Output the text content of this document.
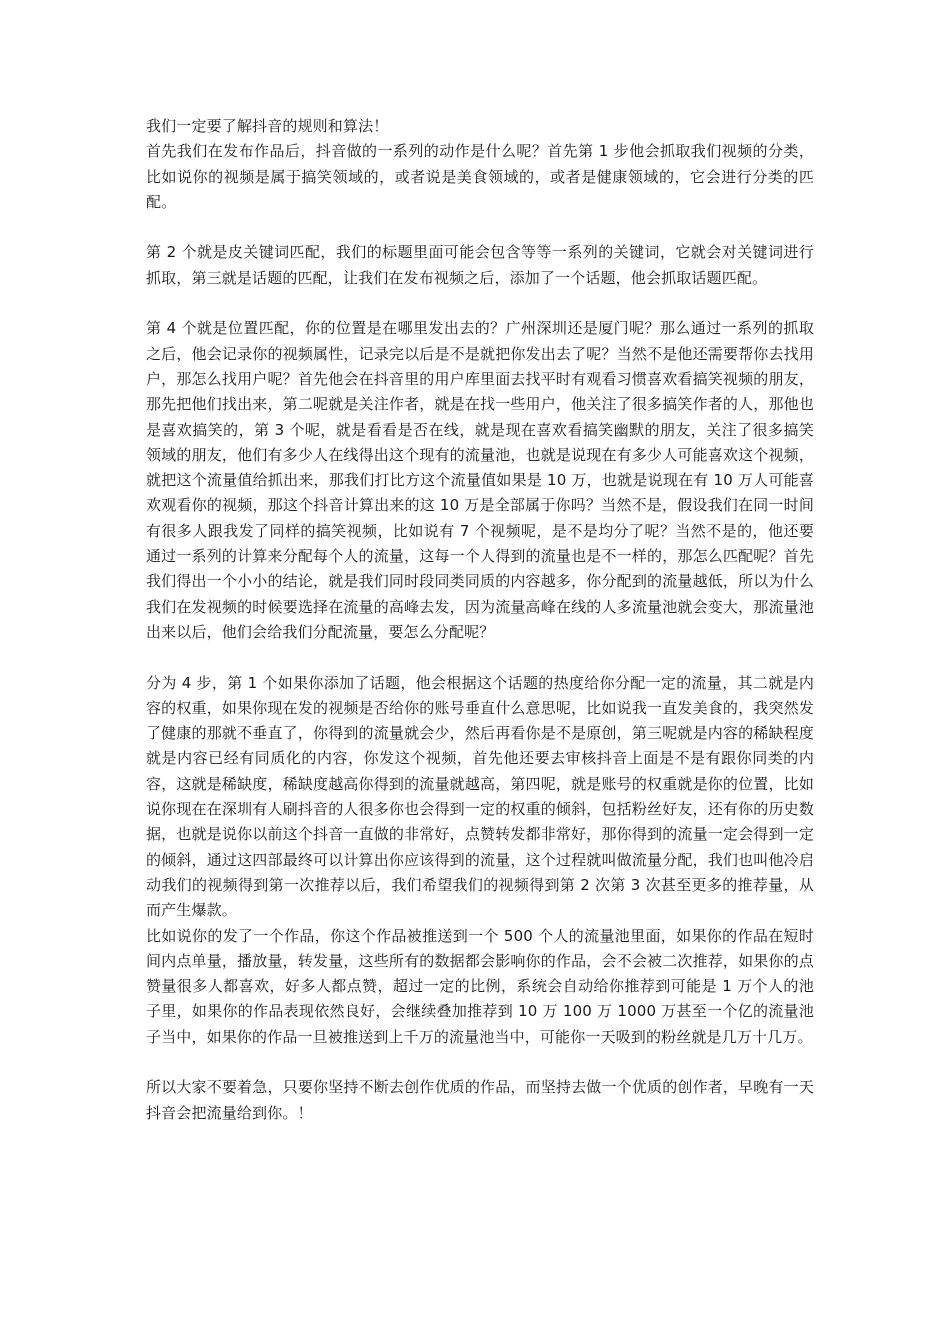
我们一定要了解抖音的规则和算法！

首先我们在发布作品后，抖音做的一系列的动作是什么呢？首先第 1 步他会抓取我们视频的分类，比如说你的视频是属于搞笑领域的，或者说是美食领域的，或者是健康领域的，它会进行分类的匹配。

第 2 个就是皮关键词匹配，我们的标题里面可能会包含等等一系列的关键词，它就会对关键词进行抓取，第三就是话题的匹配，让我们在发布视频之后，添加了一个话题，他会抓取话题匹配。

第 4 个就是位置匹配，你的位置是在哪里发出去的？广州深圳还是厦门呢？那么通过一系列的抓取之后，他会记录你的视频属性，记录完以后是不是就把你发出去了呢？当然不是他还需要帮你去找用户，那怎么找用户呢？首先他会在抖音里的用户库里面去找平时有观看习惯喜欢看搞笑视频的朋友，那先把他们找出来，第二呢就是关注作者，就是在找一些用户，他关注了很多搞笑作者的人，那他也是喜欢搞笑的，第 3 个呢，就是看看是否在线，就是现在喜欢看搞笑幽默的朋友，关注了很多搞笑领域的朋友，他们有多少人在线得出这个现有的流量池，也就是说现在有多少人可能喜欢这个视频，就把这个流量值给抓出来，那我们打比方这个流量值如果是 10 万，也就是说现在有 10 万人可能喜欢观看你的视频，那这个抖音计算出来的这 10 万是全部属于你吗？当然不是，假设我们在同一时间有很多人跟我发了同样的搞笑视频，比如说有 7 个视频呢，是不是均分了呢？当然不是的，他还要通过一系列的计算来分配每个人的流量，这每一个人得到的流量也是不一样的，那怎么匹配呢？首先我们得出一个小小的结论，就是我们同时段同类同质的内容越多，你分配到的流量越低，所以为什么我们在发视频的时候要选择在流量的高峰去发，因为流量高峰在线的人多流量池就会变大，那流量池出来以后，他们会给我们分配流量，要怎么分配呢？

分为 4 步，第 1 个如果你添加了话题，他会根据这个话题的热度给你分配一定的流量，其二就是内容的权重，如果你现在发的视频是否给你的账号垂直什么意思呢，比如说我一直发美食的，我突然发了健康的那就不垂直了，你得到的流量就会少，然后再看你是不是原创，第三呢就是内容的稀缺程度就是内容已经有同质化的内容，你发这个视频，首先他还要去审核抖音上面是不是有跟你同类的内容，这就是稀缺度，稀缺度越高你得到的流量就越高，第四呢，就是账号的权重就是你的位置，比如说你现在在深圳有人刷抖音的人很多你也会得到一定的权重的倾斜，包括粉丝好友，还有你的历史数据，也就是说你以前这个抖音一直做的非常好，点赞转发都非常好，那你得到的流量一定会得到一定的倾斜，通过这四部最终可以计算出你应该得到的流量，这个过程就叫做流量分配，我们也叫他冷启动我们的视频得到第一次推荐以后，我们希望我们的视频得到第 2 次第 3 次甚至更多的推荐量，从而产生爆款。

比如说你的发了一个作品，你这个作品被推送到一个 500 个人的流量池里面，如果你的作品在短时间内点单量，播放量，转发量，这些所有的数据都会影响你的作品，会不会被二次推荐，如果你的点赞量很多人都喜欢，好多人都点赞，超过一定的比例，系统会自动给你推荐到可能是 1 万个人的池子里，如果你的作品表现依然良好，会继续叠加推荐到 10 万 100 万 1000 万甚至一个亿的流量池子当中，如果你的作品一旦被推送到上千万的流量池当中，可能你一天吸到的粉丝就是几万十几万。

所以大家不要着急，只要你坚持不断去创作优质的作品，而坚持去做一个优质的创作者，早晚有一天抖音会把流量给到你。！
